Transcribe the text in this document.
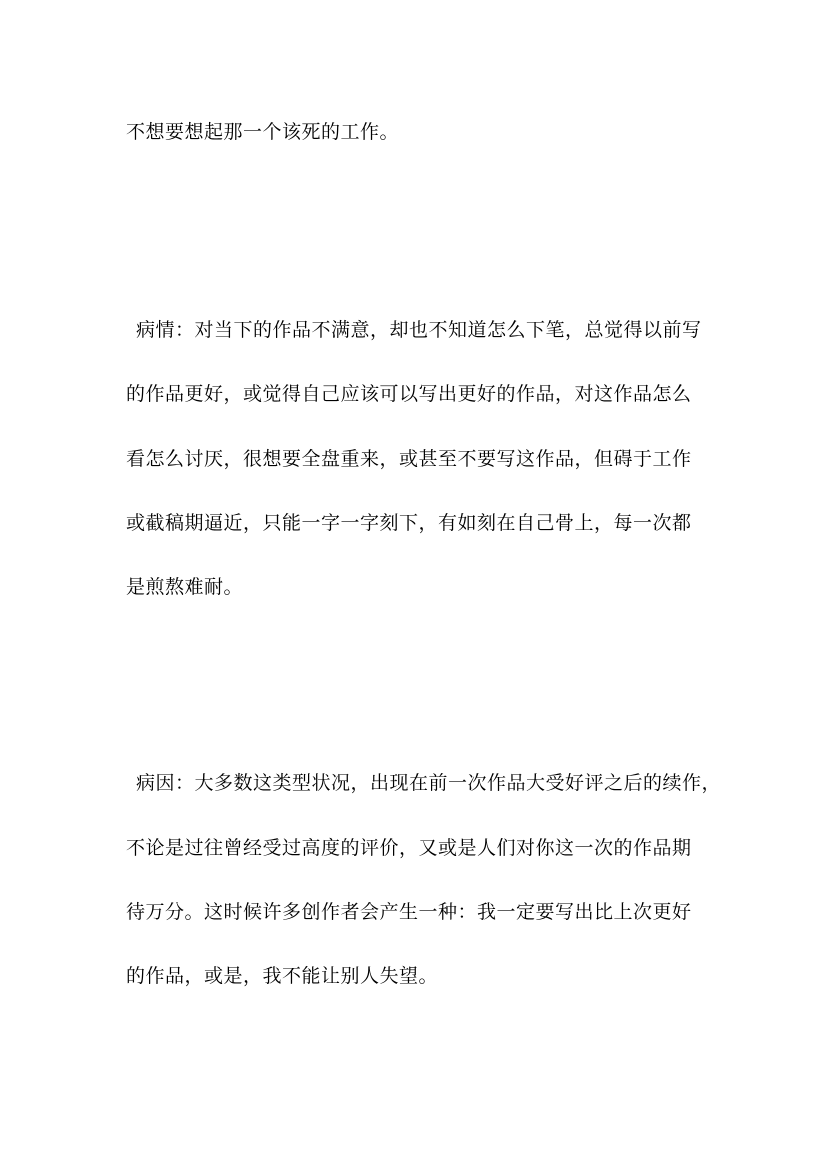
不想要想起那一个该死的工作。
病情：对当下的作品不满意，却也不知道怎么下笔，总觉得以前写
的作品更好，或觉得自己应该可以写出更好的作品，对这作品怎么
看怎么讨厌，很想要全盘重来，或甚至不要写这作品，但碍于工作
或截稿期逼近，只能一字一字刻下，有如刻在自己骨上，每一次都
是煎熬难耐。
病因：大多数这类型状况，出现在前一次作品大受好评之后的续作，
不论是过往曾经受过高度的评价，又或是人们对你这一次的作品期
待万分。这时候许多创作者会产生一种：我一定要写出比上次更好
的作品，或是，我不能让别人失望。
